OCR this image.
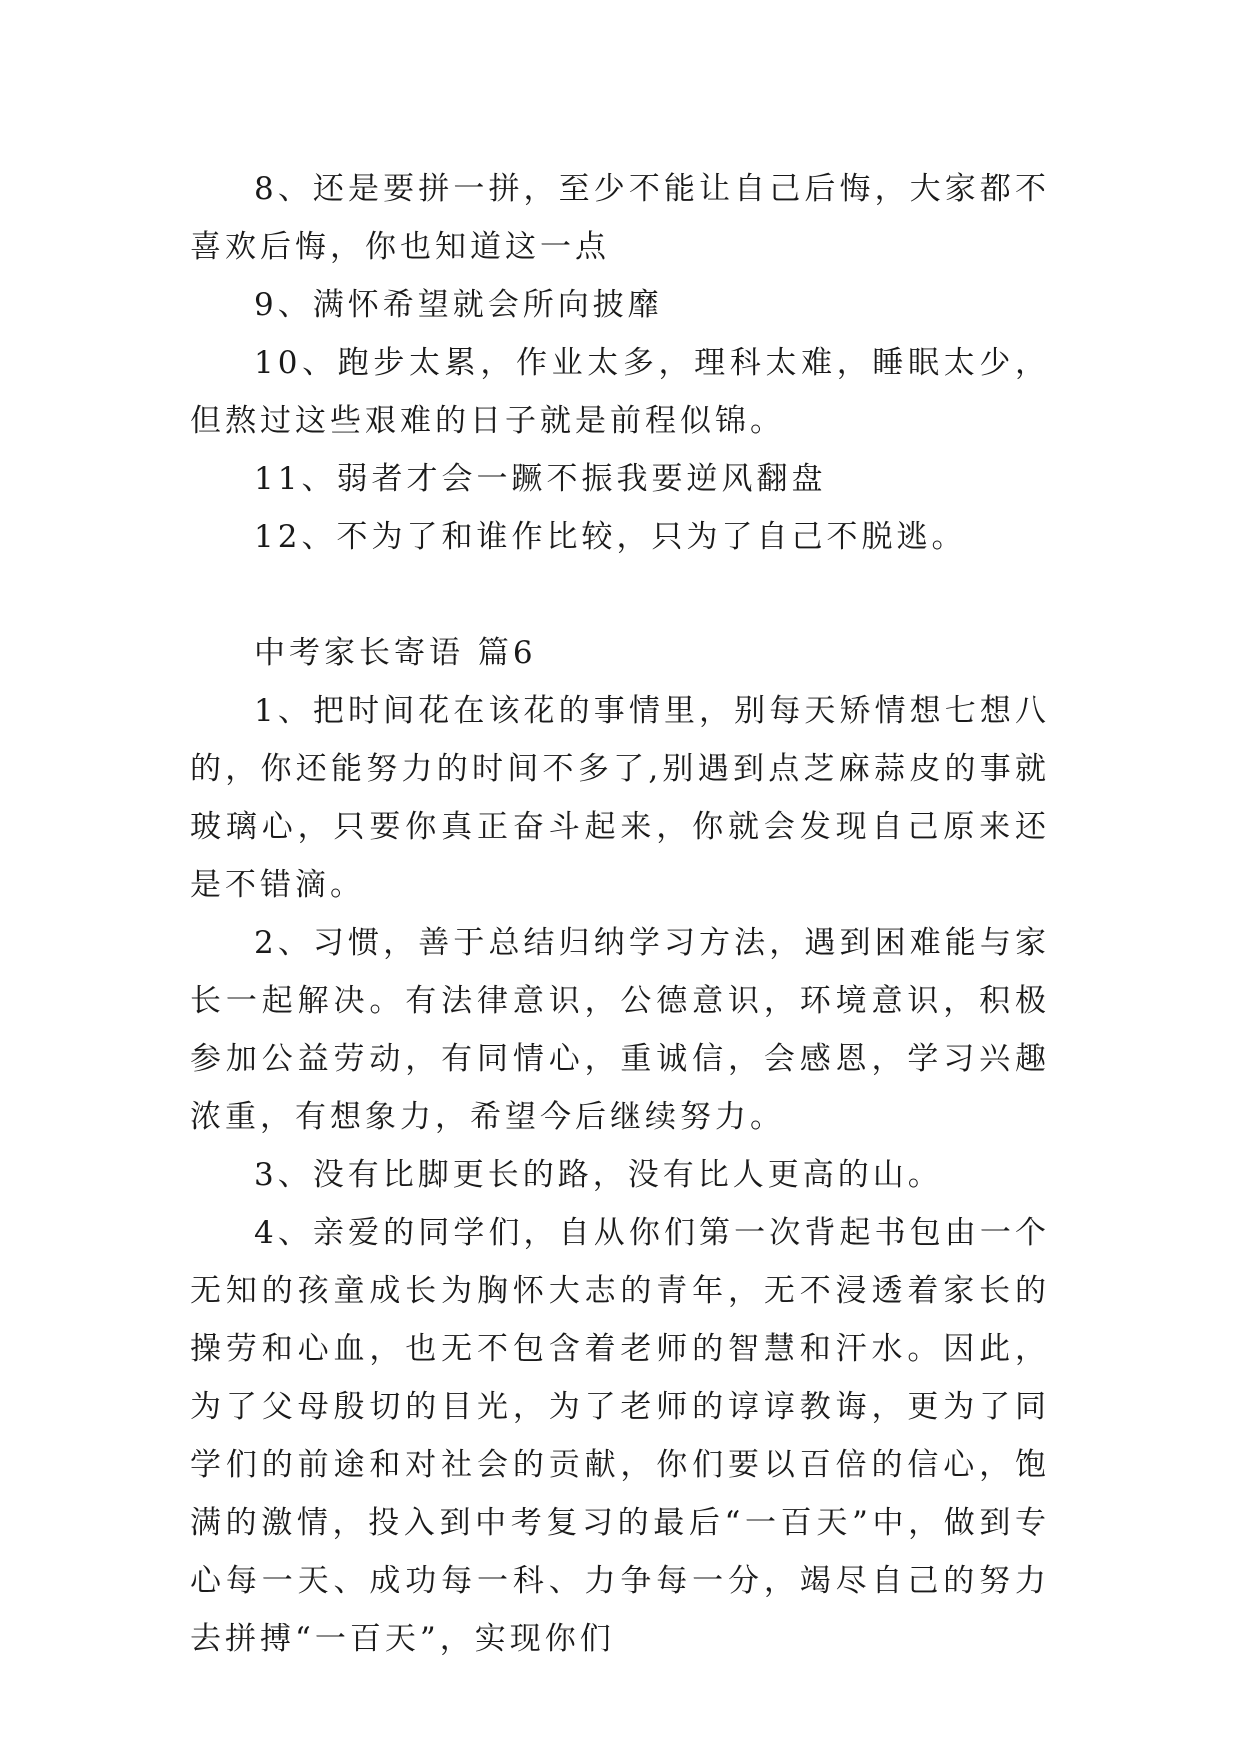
8、还是要拼一拼，至少不能让自己后悔，大家都不喜欢后悔，你也知道这一点

9、满怀希望就会所向披靡

10、跑步太累，作业太多，理科太难，睡眠太少，但熬过这些艰难的日子就是前程似锦。

11、弱者才会一蹶不振我要逆风翻盘

12、不为了和谁作比较，只为了自己不脱逃。

中考家长寄语 篇6

1、把时间花在该花的事情里，别每天矫情想七想八的，你还能努力的时间不多了,别遇到点芝麻蒜皮的事就玻璃心，只要你真正奋斗起来，你就会发现自己原来还是不错滴。

2、习惯，善于总结归纳学习方法，遇到困难能与家长一起解决。有法律意识，公德意识，环境意识，积极参加公益劳动，有同情心，重诚信，会感恩，学习兴趣浓重，有想象力，希望今后继续努力。

3、没有比脚更长的路，没有比人更高的山。

4、亲爱的同学们，自从你们第一次背起书包由一个无知的孩童成长为胸怀大志的青年，无不浸透着家长的操劳和心血，也无不包含着老师的智慧和汗水。因此，为了父母殷切的目光，为了老师的谆谆教诲，更为了同学们的前途和对社会的贡献，你们要以百倍的信心，饱满的激情，投入到中考复习的最后“一百天”中，做到专心每一天、成功每一科、力争每一分，竭尽自己的努力去拼搏“一百天”，实现你们
